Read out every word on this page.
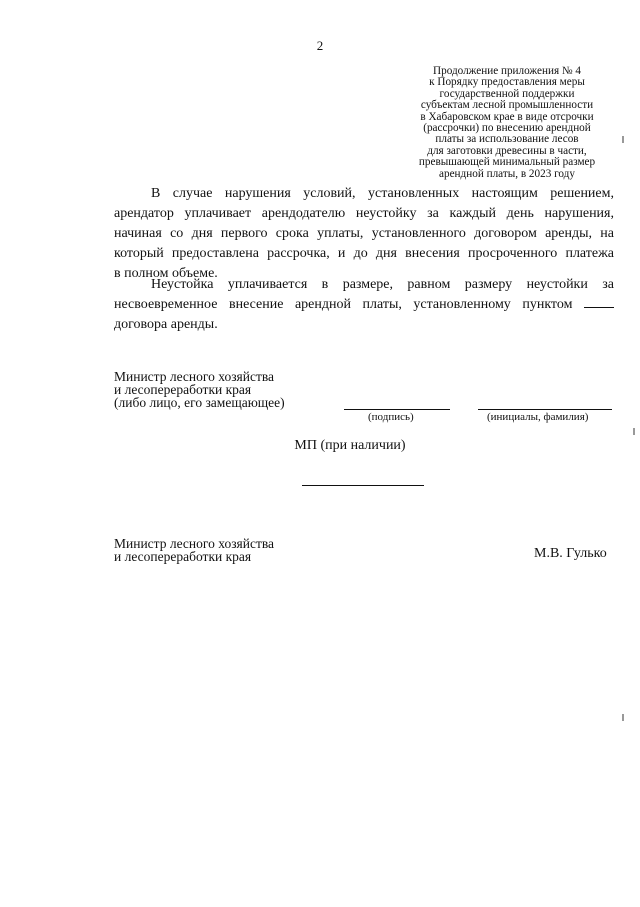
2
Продолжение приложения № 4
к Порядку предоставления меры
государственной поддержки
субъектам лесной промышленности
в Хабаровском крае в виде отсрочки
(рассрочки) по внесению арендной
платы за использование лесов
для заготовки древесины в части,
превышающей минимальный размер
арендной платы, в 2023 году
В случае нарушения условий, установленных настоящим решением,
арендатор уплачивает арендодателю неустойку за каждый день нарушения,
начиная со дня первого срока уплаты, установленного договором аренды, на
который предоставлена рассрочка, и до дня внесения просроченного платежа
в полном объеме.
Неустойка уплачивается в размере, равном размеру неустойки за
несвоевременное внесение арендной платы, установленному пунктом
договора аренды.
Министр лесного хозяйства
и лесопереработки края
(либо лицо, его замещающее)
(подпись)	(инициалы, фамилия)
МП (при наличии)
Министр лесного хозяйства
и лесопереработки края	М.В. Гулько
